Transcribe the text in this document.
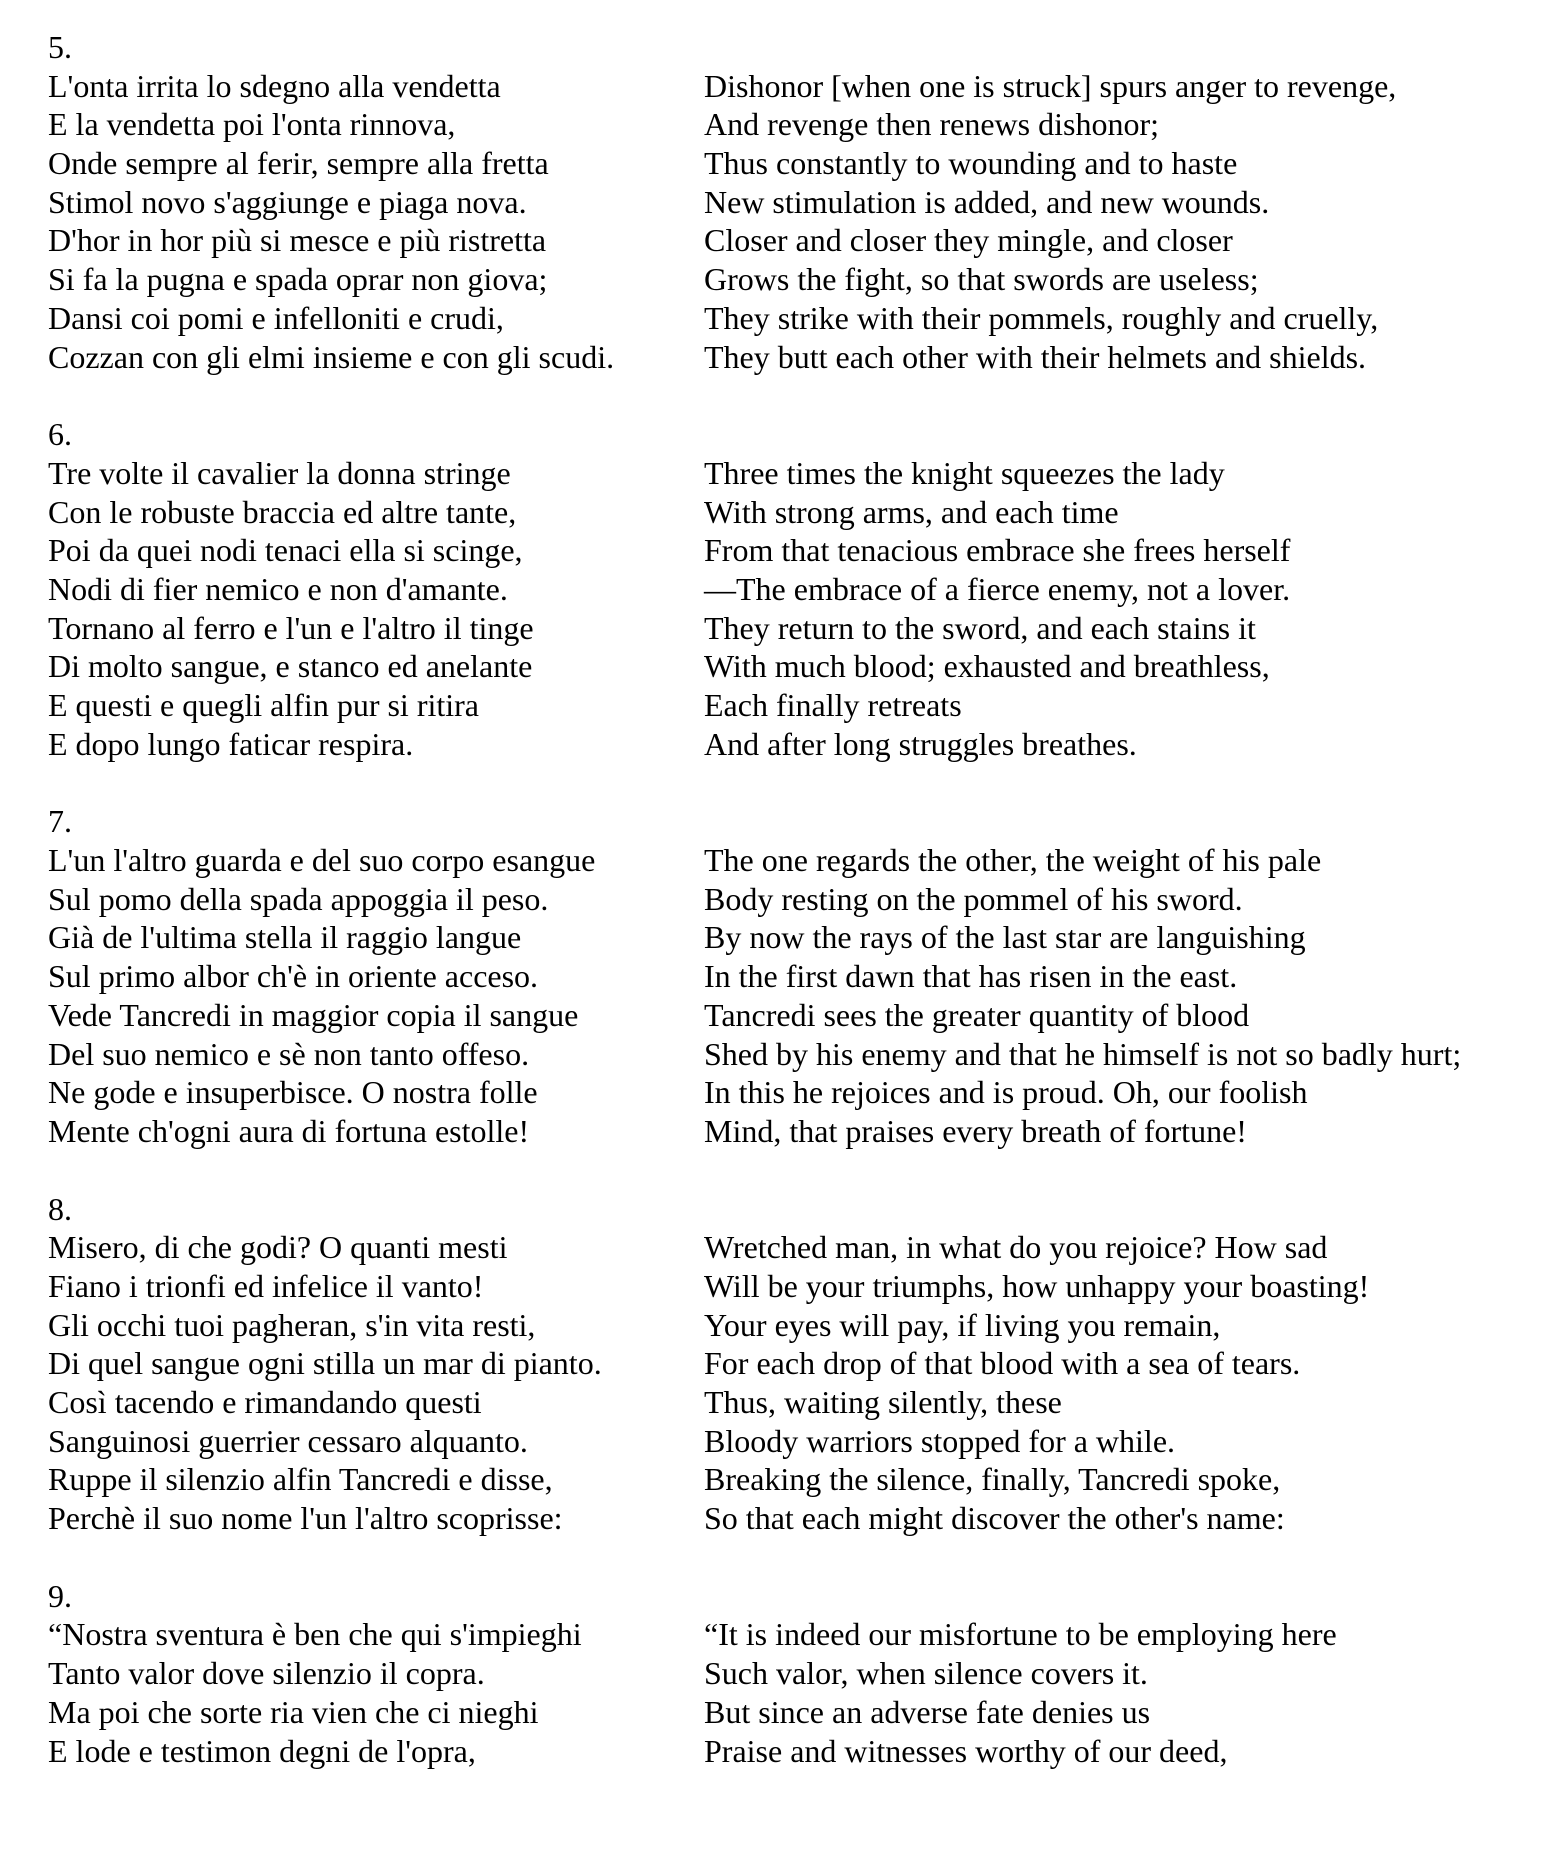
5.
L'onta irrita lo sdegno alla vendetta	Dishonor [when one is struck] spurs anger to revenge,
E la vendetta poi l'onta rinnova,	And revenge then renews dishonor;
Onde sempre al ferir, sempre alla fretta	Thus constantly to wounding and to haste
Stimol novo s'aggiunge e piaga nova.	New stimulation is added, and new wounds.
D'hor in hor più si mesce e più ristretta	Closer and closer they mingle, and closer
Si fa la pugna e spada oprar non giova;	Grows the fight, so that swords are useless;
Dansi coi pomi e infelloniti e crudi,	They strike with their pommels, roughly and cruelly,
Cozzan con gli elmi insieme e con gli scudi.	They butt each other with their helmets and shields.
6.
Tre volte il cavalier la donna stringe	Three times the knight squeezes the lady
Con le robuste braccia ed altre tante,	With strong arms, and each time
Poi da quei nodi tenaci ella si scinge,	From that tenacious embrace she frees herself
Nodi di fier nemico e non d'amante.	—The embrace of a fierce enemy, not a lover.
Tornano al ferro e l'un e l'altro il tinge	They return to the sword, and each stains it
Di molto sangue, e stanco ed anelante	With much blood; exhausted and breathless,
E questi e quegli alfin pur si ritira	Each finally retreats
E dopo lungo faticar respira.	And after long struggles breathes.
7.
L'un l'altro guarda e del suo corpo esangue	The one regards the other, the weight of his pale
Sul pomo della spada appoggia il peso.	Body resting on the pommel of his sword.
Già de l'ultima stella il raggio langue	By now the rays of the last star are languishing
Sul primo albor ch'è in oriente acceso.	In the first dawn that has risen in the east.
Vede Tancredi in maggior copia il sangue	Tancredi sees the greater quantity of blood
Del suo nemico e sè non tanto offeso.	Shed by his enemy and that he himself is not so badly hurt;
Ne gode e insuperbisce. O nostra folle	In this he rejoices and is proud. Oh, our foolish
Mente ch'ogni aura di fortuna estolle!	Mind, that praises every breath of fortune!
8.
Misero, di che godi? O quanti mesti	Wretched man, in what do you rejoice? How sad
Fiano i trionfi ed infelice il vanto!	Will be your triumphs, how unhappy your boasting!
Gli occhi tuoi pagheran, s'in vita resti,	Your eyes will pay, if living you remain,
Di quel sangue ogni stilla un mar di pianto.	For each drop of that blood with a sea of tears.
Così tacendo e rimandando questi	Thus, waiting silently, these
Sanguinosi guerrier cessaro alquanto.	Bloody warriors stopped for a while.
Ruppe il silenzio alfin Tancredi e disse,	Breaking the silence, finally, Tancredi spoke,
Perchè il suo nome l'un l'altro scoprisse:	So that each might discover the other's name:
9.
“Nostra sventura è ben che qui s'impieghi	“It is indeed our misfortune to be employing here
Tanto valor dove silenzio il copra.	Such valor, when silence covers it.
Ma poi che sorte ria vien che ci nieghi	But since an adverse fate denies us
E lode e testimon degni de l'opra,	Praise and witnesses worthy of our deed,
